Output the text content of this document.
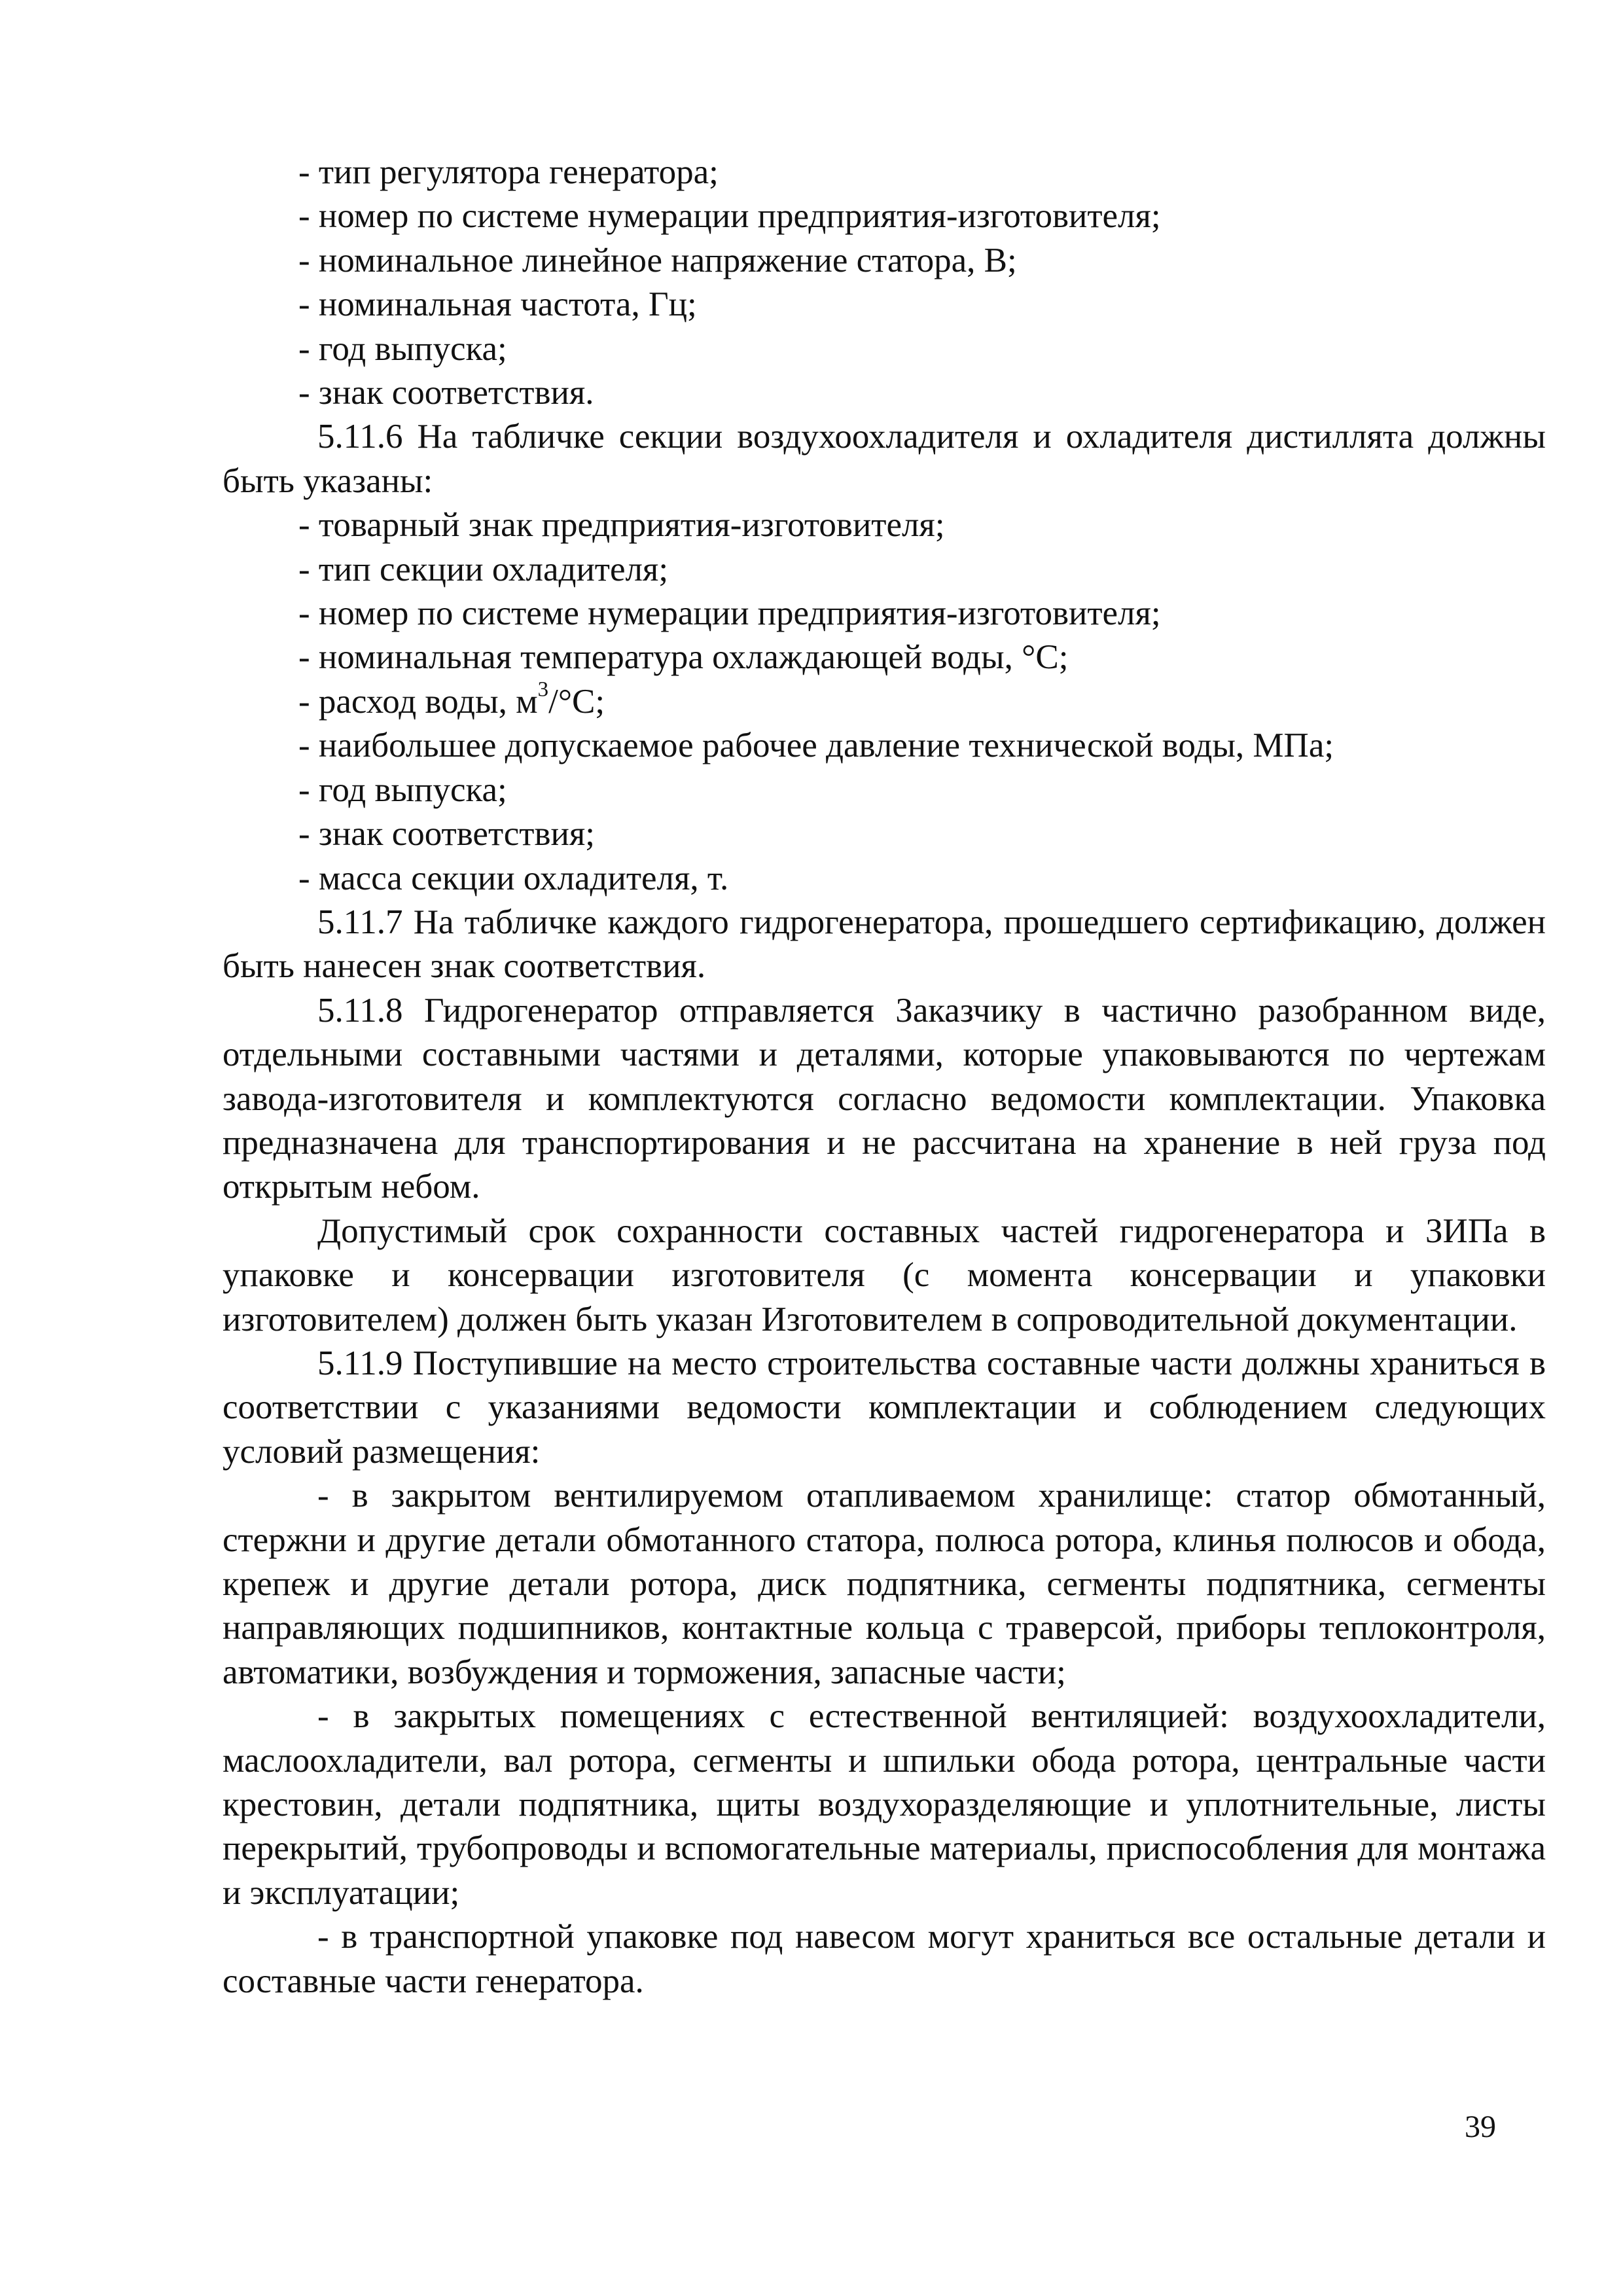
- тип регулятора генератора;

- номер по системе нумерации предприятия-изготовителя;

- номинальное линейное напряжение статора, В;

- номинальная частота, Гц;

- год выпуска;

- знак соответствия.

5.11.6 На табличке секции воздухоохладителя и охладителя дистиллята должны быть указаны:

- товарный знак предприятия-изготовителя;

- тип секции охладителя;

- номер по системе нумерации предприятия-изготовителя;

- номинальная температура охлаждающей воды, °С;

- расход воды, $м^3/^\circ С$;

- наибольшее допускаемое рабочее давление технической воды, МПа;

- год выпуска;

- знак соответствия;

- масса секции охладителя, т.

5.11.7 На табличке каждого гидрогенератора, прошедшего сертификацию, должен быть нанесен знак соответствия.

5.11.8 Гидрогенератор отправляется Заказчику в частично разобранном виде, отдельными составными частями и деталями, которые упаковываются по чертежам завода-изготовителя и комплектуются согласно ведомости комплектации. Упаковка предназначена для транспортирования и не рассчитана на хранение в ней груза под открытым небом.

Допустимый срок сохранности составных частей гидрогенератора и ЗИПа в упаковке и консервации изготовителя (с момента консервации и упаковки изготовителем) должен быть указан Изготовителем в сопроводительной документации.

5.11.9 Поступившие на место строительства составные части должны храниться в соответствии с указаниями ведомости комплектации и соблюдением следующих условий размещения:

- в закрытом вентилируемом отапливаемом хранилище: статор обмотанный, стержни и другие детали обмотанного статора, полюса ротора, клинья полюсов и обода, крепеж и другие детали ротора, диск подпятника, сегменты подпятника, сегменты направляющих подшипников, контактные кольца с траверсой, приборы теплоконтроля, автоматики, возбуждения и торможения, запасные части;

- в закрытых помещениях с естественной вентиляцией: воздухоохладители, маслоохладители, вал ротора, сегменты и шпильки обода ротора, центральные части крестовин, детали подпятника, щиты воздухоразделяющие и уплотнительные, листы перекрытий, трубопроводы и вспомогательные материалы, приспособления для монтажа и эксплуатации;

- в транспортной упаковке под навесом могут храниться все остальные детали и составные части генератора.

39
